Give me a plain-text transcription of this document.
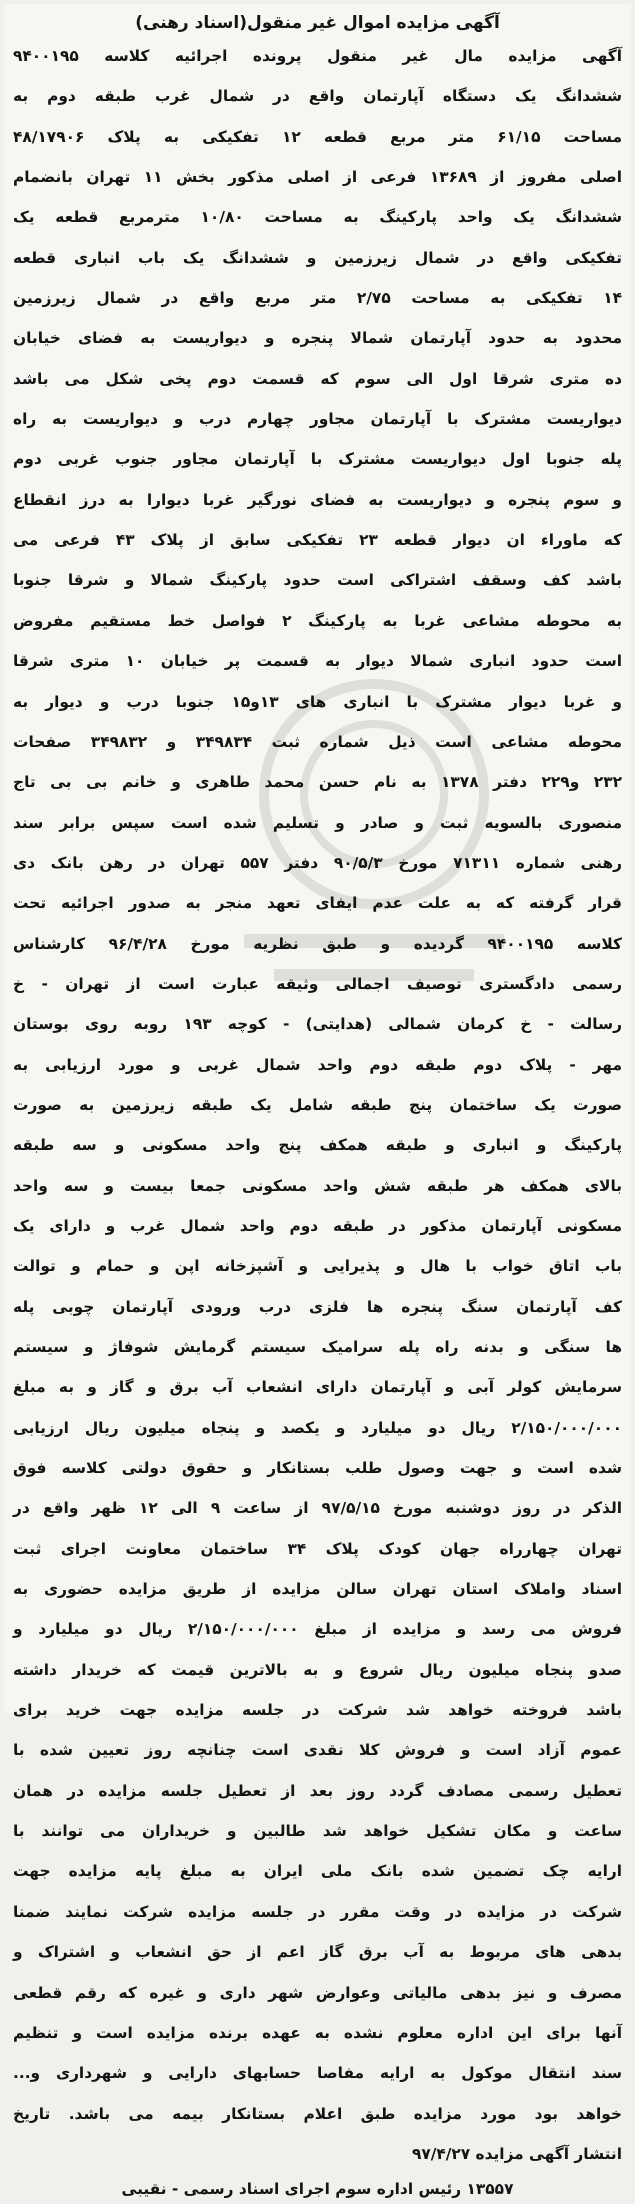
آگهی مزایده اموال غیر منقول(اسناد رهنی)
آگهی مزایده مال غیر منقول پرونده اجرائیه کلاسه ۹۴۰۰۱۹۵
ششدانگ یک دستگاه آپارتمان واقع در شمال غرب طبقه دوم به
مساحت ۶۱/۱۵ متر مربع قطعه ۱۲ تفکیکی به پلاک ۴۸/۱۷۹۰۶
اصلی مفروز از ۱۳۶۸۹ فرعی از اصلی مذکور بخش ۱۱ تهران بانضمام
ششدانگ یک واحد پارکینگ به مساحت ۱۰/۸۰ مترمربع قطعه یک
تفکیکی واقع در شمال زیرزمین و ششدانگ یک باب انباری قطعه
۱۴ تفکیکی به مساحت ۲/۷۵ متر مربع واقع در شمال زیرزمین
محدود به حدود آپارتمان شمالا پنجره و دیواریست به فضای خیابان
ده متری شرقا اول الی سوم که قسمت دوم پخی شکل می باشد
دیواریست مشترک با آپارتمان مجاور چهارم درب و دیواریست به راه
پله جنوبا اول دیواریست مشترک با آپارتمان مجاور جنوب غربی دوم
و سوم پنجره و دیواریست به فضای نورگیر غربا دیوارا به درز انقطاع
که ماوراء ان دیوار قطعه ۲۳ تفکیکی سابق از پلاک ۴۳ فرعی می
باشد کف وسقف اشتراکی است حدود پارکینگ شمالا و شرقا جنوبا
به محوطه مشاعی غربا به پارکینگ ۲ فواصل خط مستقیم مفروض
است حدود انباری شمالا دیوار به قسمت پر خیابان ۱۰ متری شرقا
و غربا دیوار مشترک با انباری های ۱۳و۱۵ جنوبا درب و دیوار به
محوطه مشاعی است ذیل شماره ثبت ۳۴۹۸۳۴ و ۳۴۹۸۳۲ صفحات
۲۳۲ و۲۲۹ دفتر ۱۳۷۸ به نام حسن محمد طاهری و خانم بی بی تاج
منصوری بالسویه ثبت و صادر و تسلیم شده است سپس برابر سند
رهنی شماره ۷۱۳۱۱ مورخ ۹۰/۵/۳ دفتر ۵۵۷ تهران در رهن بانک دی
قرار گرفته که به علت عدم ایفای تعهد منجر به صدور اجرائیه تحت
کلاسه ۹۴۰۰۱۹۵ گردیده و طبق نظریه مورخ ۹۶/۴/۲۸ کارشناس
رسمی دادگستری توصیف اجمالی وثیقه عبارت است از تهران - خ
رسالت - خ کرمان شمالی (هدایتی) - کوچه ۱۹۳ روبه روی بوستان
مهر - پلاک دوم طبقه دوم واحد شمال غربی و مورد ارزیابی به
صورت یک ساختمان پنج طبقه شامل یک طبقه زیرزمین به صورت
پارکینگ و انباری و طبقه همکف پنج واحد مسکونی و سه طبقه
بالای همکف هر طبقه شش واحد مسکونی جمعا بیست و سه واحد
مسکونی آپارتمان مذکور در طبقه دوم واحد شمال غرب و دارای یک
باب اتاق خواب با هال و پذیرایی و آشپزخانه اپن و حمام و توالت
کف آپارتمان سنگ پنجره ها فلزی درب ورودی آپارتمان چوبی پله
ها سنگی و بدنه راه پله سرامیک سیستم گرمایش شوفاژ و سیستم
سرمایش کولر آبی و آپارتمان دارای انشعاب آب برق و گاز و به مبلغ
۲/۱۵۰/۰۰۰/۰۰۰ ریال دو میلیارد و یکصد و پنجاه میلیون ریال ارزیابی
شده است و جهت وصول طلب بستانکار و حقوق دولتی کلاسه فوق
الذکر در روز دوشنبه مورخ ۹۷/۵/۱۵ از ساعت ۹ الی ۱۲ ظهر واقع در
تهران چهارراه جهان کودک پلاک ۳۴ ساختمان معاونت اجرای ثبت
اسناد واملاک استان تهران سالن مزایده از طریق مزایده حضوری به
فروش می رسد و مزایده از مبلغ ۲/۱۵۰/۰۰۰/۰۰۰ ریال دو میلیارد و
صدو پنجاه میلیون ریال شروع و به بالاترین قیمت که خریدار داشته
باشد فروخته خواهد شد شرکت در جلسه مزایده جهت خرید برای
عموم آزاد است و فروش کلا نقدی است چنانچه روز تعیین شده با
تعطیل رسمی مصادف گردد روز بعد از تعطیل جلسه مزایده در همان
ساعت و مکان تشکیل خواهد شد طالبین و خریداران می توانند با
ارایه چک تضمین شده بانک ملی ایران به مبلغ پایه مزایده جهت
شرکت در مزایده در وقت مقرر در جلسه مزایده شرکت نمایند ضمنا
بدهی های مربوط به آب برق گاز اعم از حق انشعاب و اشتراک و
مصرف و نیز بدهی مالیاتی وعوارض شهر داری و غیره که رقم قطعی
آنها برای این اداره معلوم نشده به عهده برنده مزایده است و تنظیم
سند انتقال موکول به ارایه مفاصا حسابهای دارایی و شهرداری و...
خواهد بود مورد مزایده طبق اعلام بستانکار بیمه می باشد. تاریخ
انتشار آگهی مزایده ۹۷/۴/۲۷
۱۳۵۵۷ رئیس اداره سوم اجرای اسناد رسمی - نقیبی
